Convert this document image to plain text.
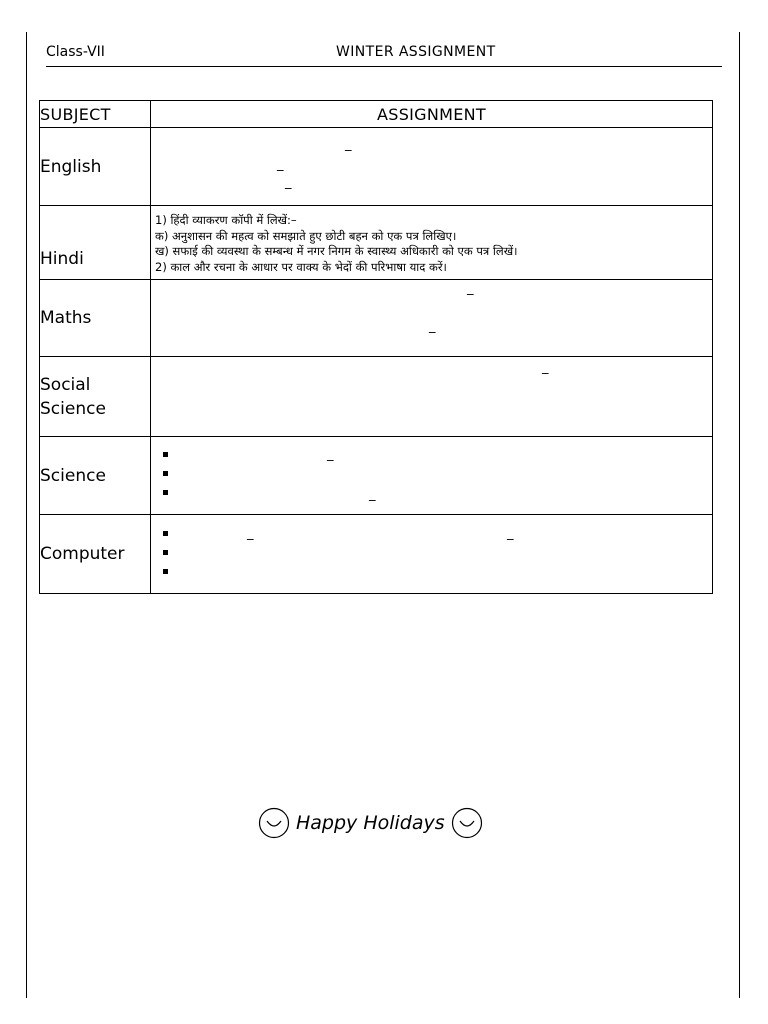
Class-VII	WINTER ASSIGNMENT
SUBJECT	ASSIGNMENT
English	_
_
_

Hindi	1) हिंदी व्याकरण कॉपी में लिखें:–
क) अनुशासन की महत्व को समझाते हुए छोटी बहन को एक पत्र लिखिए।
ख) सफाई की व्यवस्था के सम्बन्ध में नगर निगम के स्वास्थ्य अधिकारी को एक पत्र लिखें।
2) काल और रचना के आधार पर वाक्य के भेदों की परिभाषा याद करें।

Maths	_
_

Social
Science	_

Science	_
_

Computer	_ _
Happy Holidays
